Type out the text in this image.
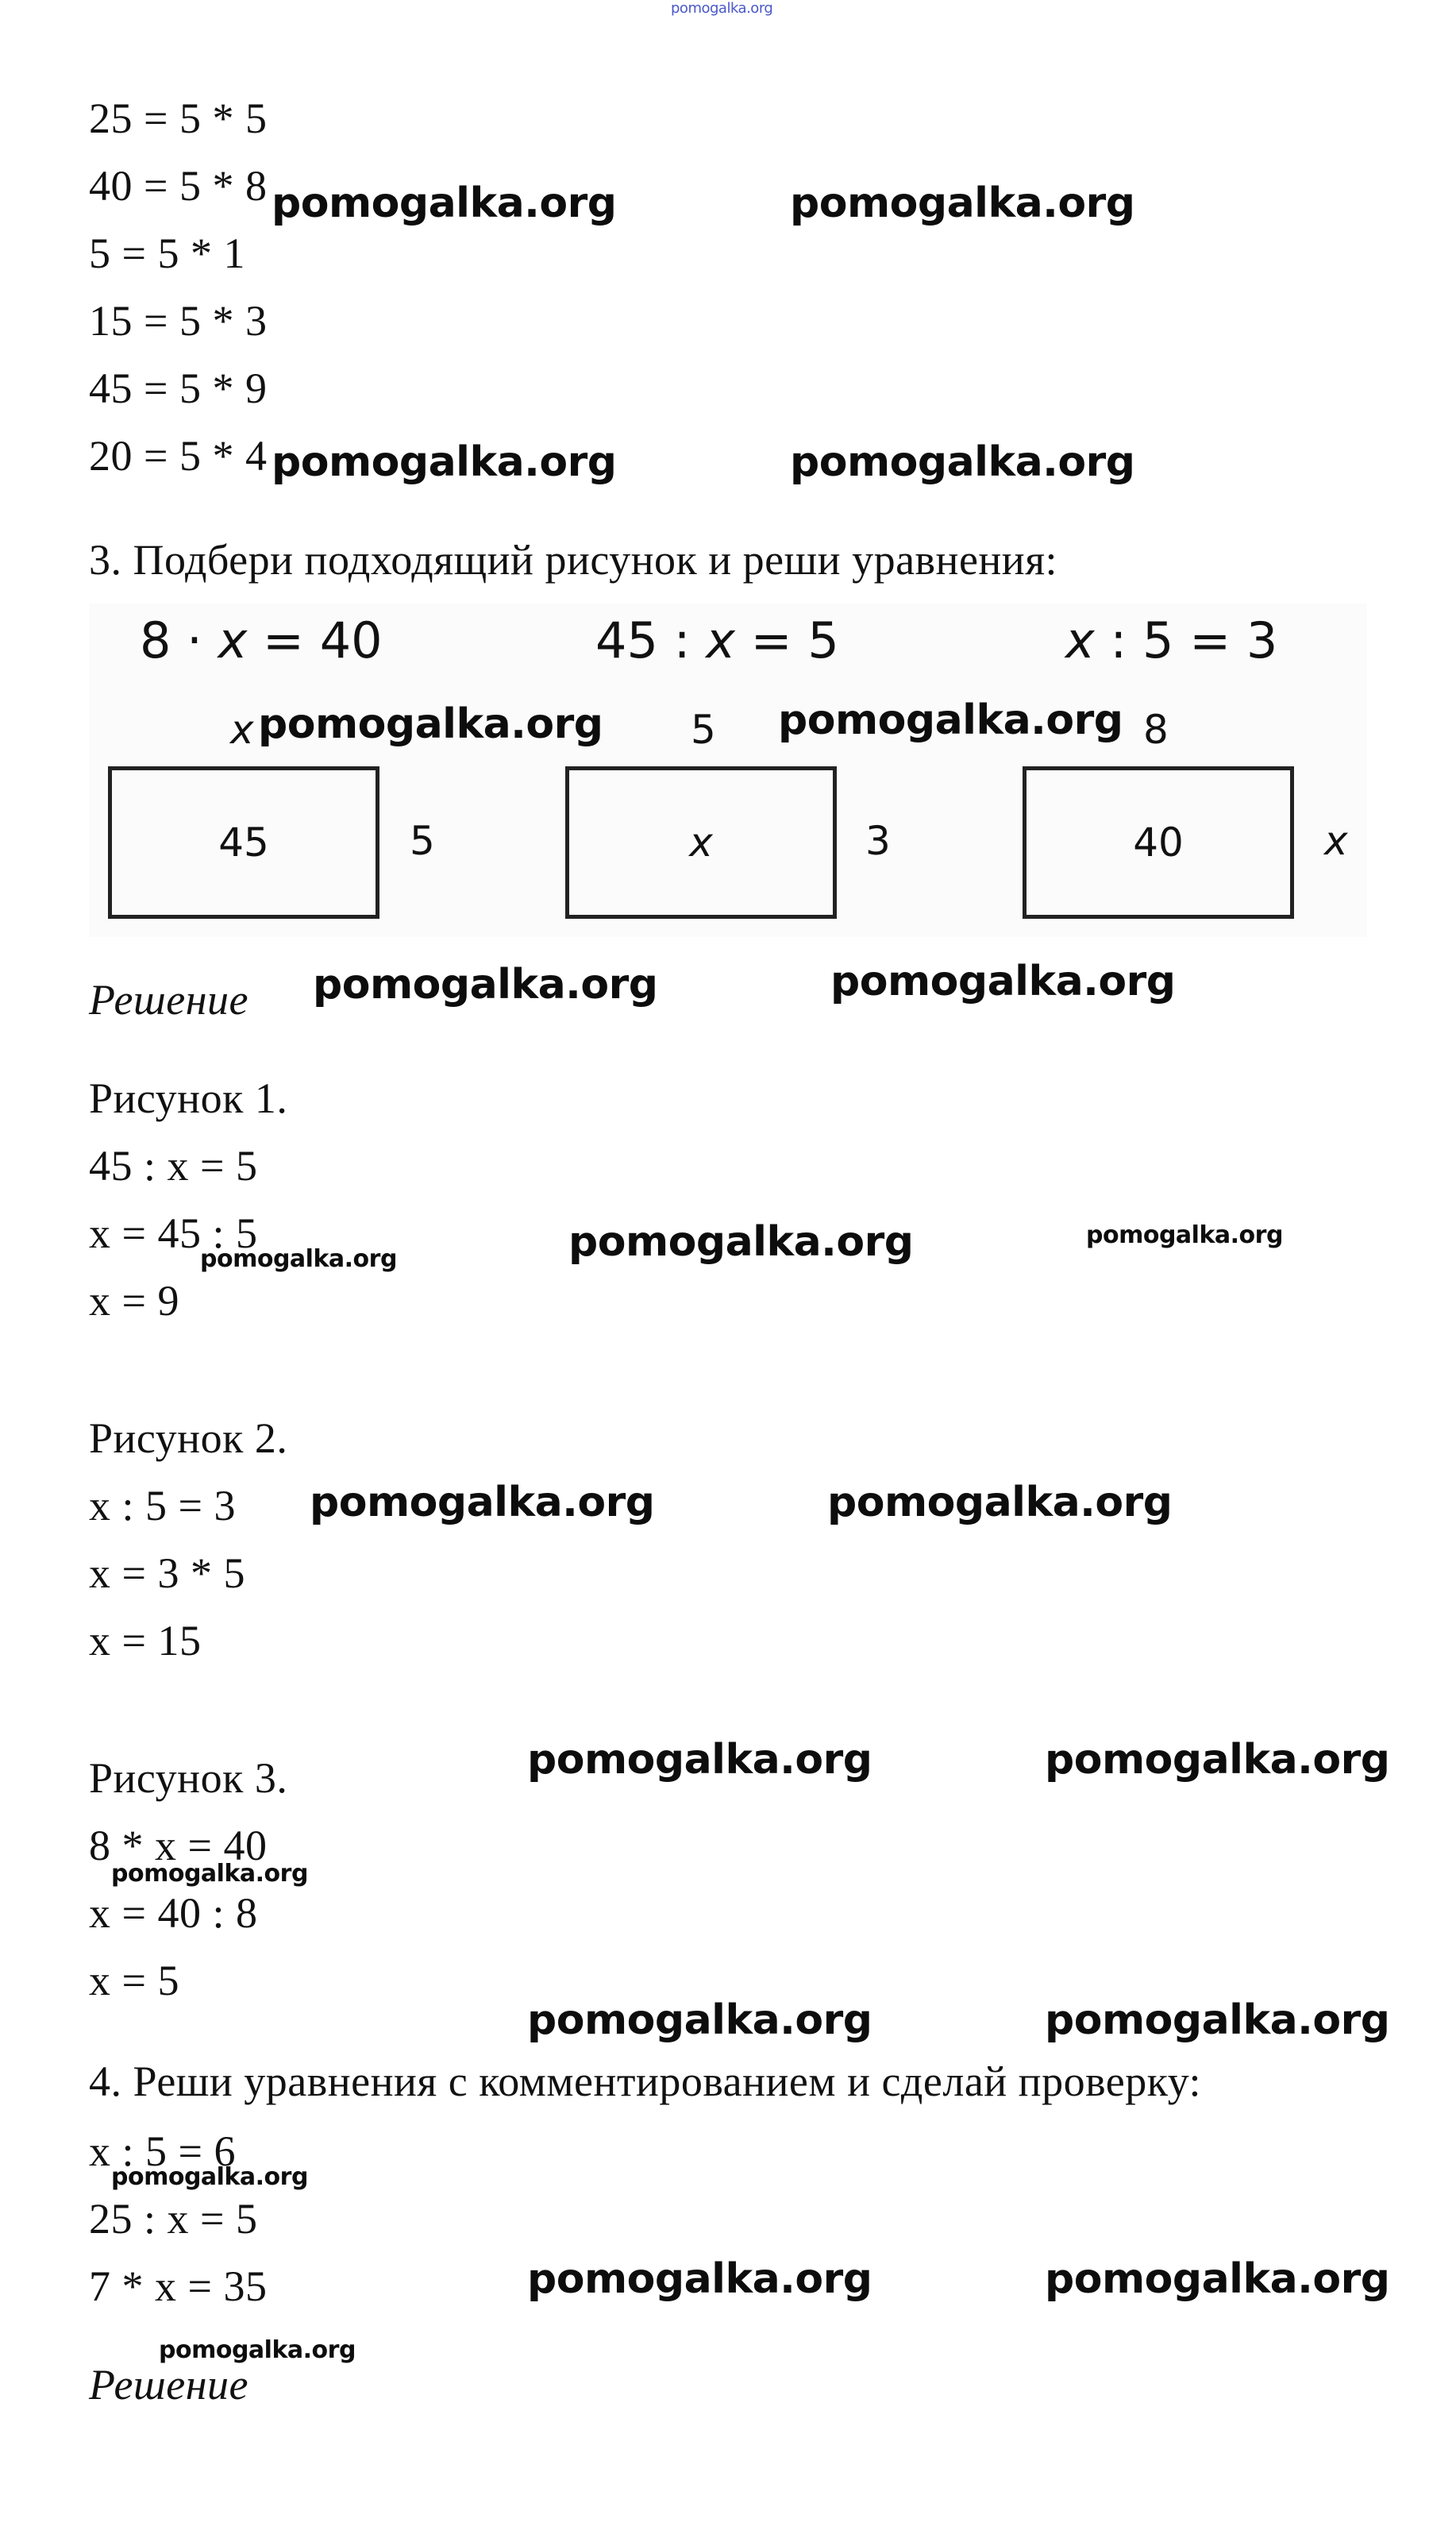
pomogalka.org
25 = 5 * 5
40 = 5 * 8
5 = 5 * 1
15 = 5 * 3
45 = 5 * 9
20 = 5 * 4
3. Подбери подходящий рисунок и реши уравнения:
8 · x = 40	45 : x = 5	x : 5 = 3
x
45	5
5
x	3
8
40	x
Решение
Рисунок 1.
45 : x = 5
x = 45 : 5
x = 9
Рисунок 2.
x : 5 = 3
x = 3 * 5
x = 15
Рисунок 3.
8 * x = 40
x = 40 : 8
x = 5
4. Реши уравнения с комментированием и сделай проверку:
x : 5 = 6
25 : x = 5
7 * x = 35
Решение
pomogalka.org	pomogalka.org
pomogalka.org	pomogalka.org
pomogalka.org	pomogalka.org
pomogalka.org	pomogalka.org
pomogalka.org	pomogalka.org
pomogalka.org
pomogalka.org	pomogalka.org
pomogalka.org	pomogalka.org
pomogalka.org
pomogalka.org	pomogalka.org
pomogalka.org
pomogalka.org	pomogalka.org
pomogalka.org
